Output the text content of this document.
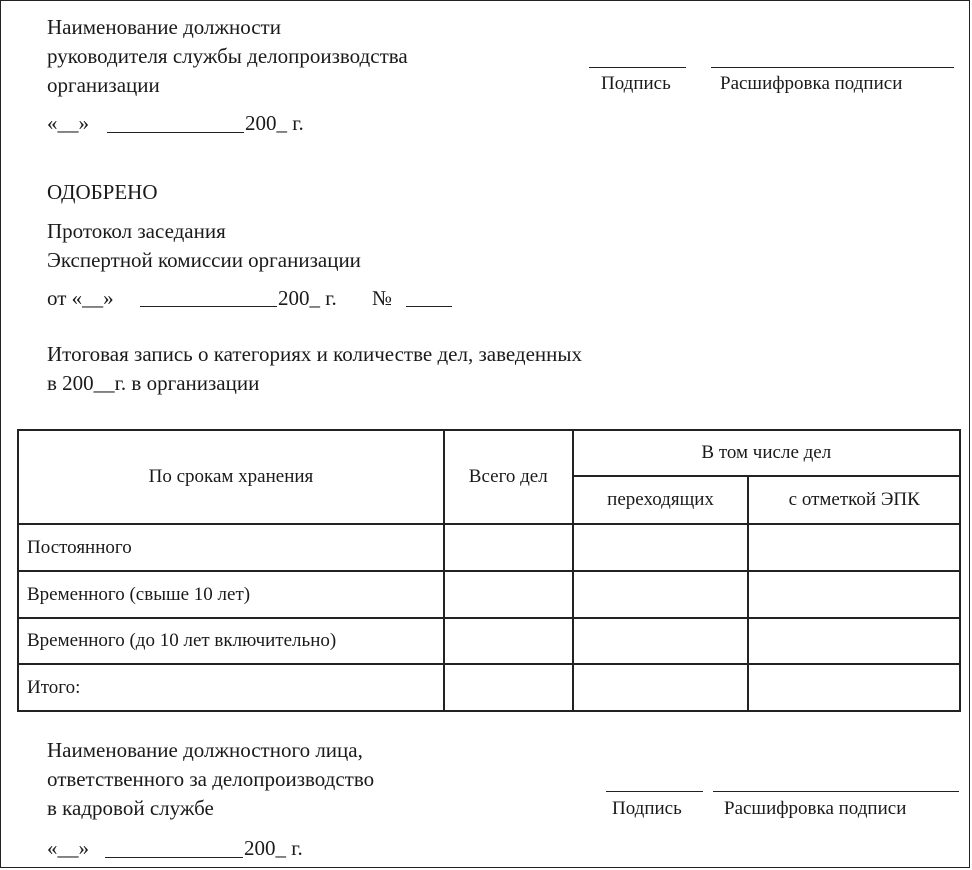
Наименование должности
руководителя службы делопроизводства
организации	Подпись	Расшифровка подписи
«__»	200_ г.
ОДОБРЕНО
Протокол заседания
Экспертной комиссии организации
от «__»	200_ г. №
Итоговая запись о категориях и количестве дел, заведенных
в 200__г. в организации
По срокам хранения	Всего дел	В том числе дел	
		переходящих	с отметкой ЭПК
Постоянного			
Временного (свыше 10 лет)			
Временного (до 10 лет включительно)			
Итого:			
Наименование должностного лица,
ответственного за делопроизводство
в кадровой службе	Подпись Расшифровка подписи
«__»	200_ г.
